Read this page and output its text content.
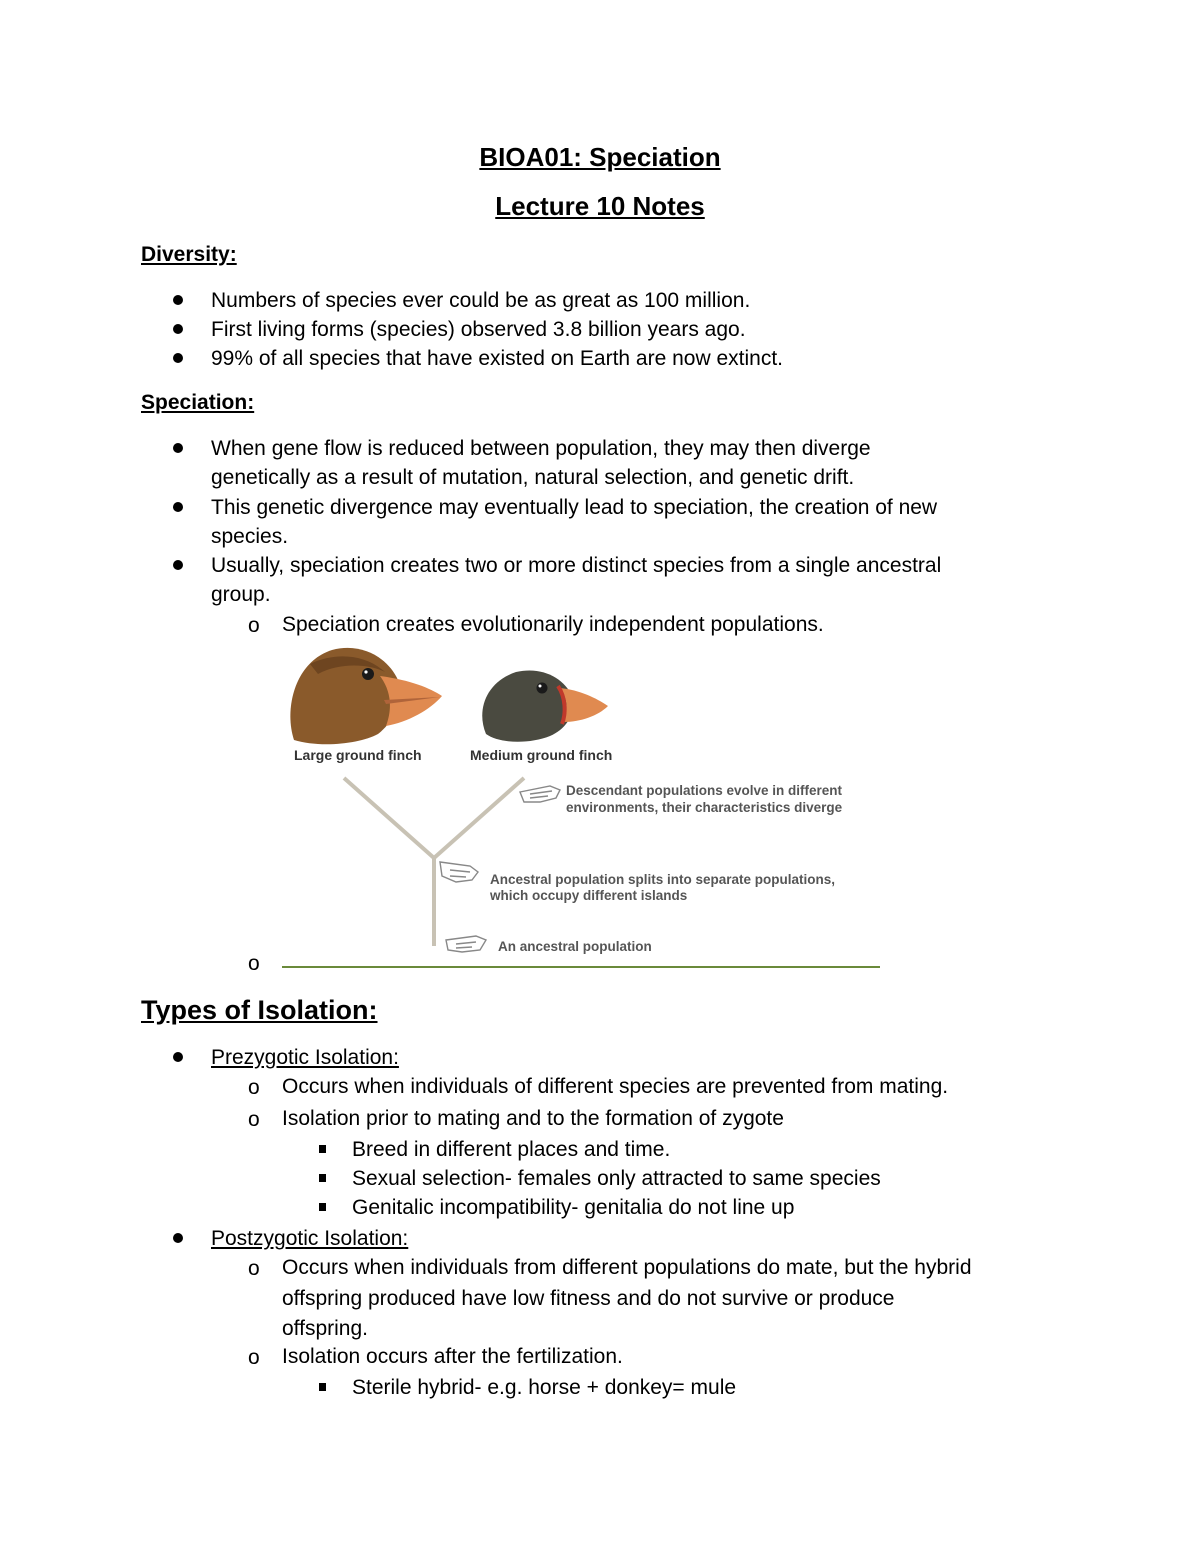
BIOA01: Speciation
Lecture 10 Notes
Diversity:
Numbers of species ever could be as great as 100 million.
First living forms (species) observed 3.8 billion years ago.
99% of all species that have existed on Earth are now extinct.
Speciation:
When gene flow is reduced between population, they may then diverge
genetically as a result of mutation, natural selection, and genetic drift.
This genetic divergence may eventually lead to speciation, the creation of new
species.
Usually, speciation creates two or more distinct species from a single ancestral
group.
o Speciation creates evolutionarily independent populations.
o
Large ground finch	Medium ground finch
Descendant populations evolve in different
environments, their characteristics diverge
Ancestral population splits into separate populations,
which occupy different islands
An ancestral population
Types of Isolation:
Prezygotic Isolation:
o Occurs when individuals of different species are prevented from mating.
o Isolation prior to mating and to the formation of zygote
Breed in different places and time.
Sexual selection- females only attracted to same species
Genitalic incompatibility- genitalia do not line up
Postzygotic Isolation:
o Occurs when individuals from different populations do mate, but the hybrid
offspring produced have low fitness and do not survive or produce
offspring.
o Isolation occurs after the fertilization.
Sterile hybrid- e.g. horse + donkey= mule
